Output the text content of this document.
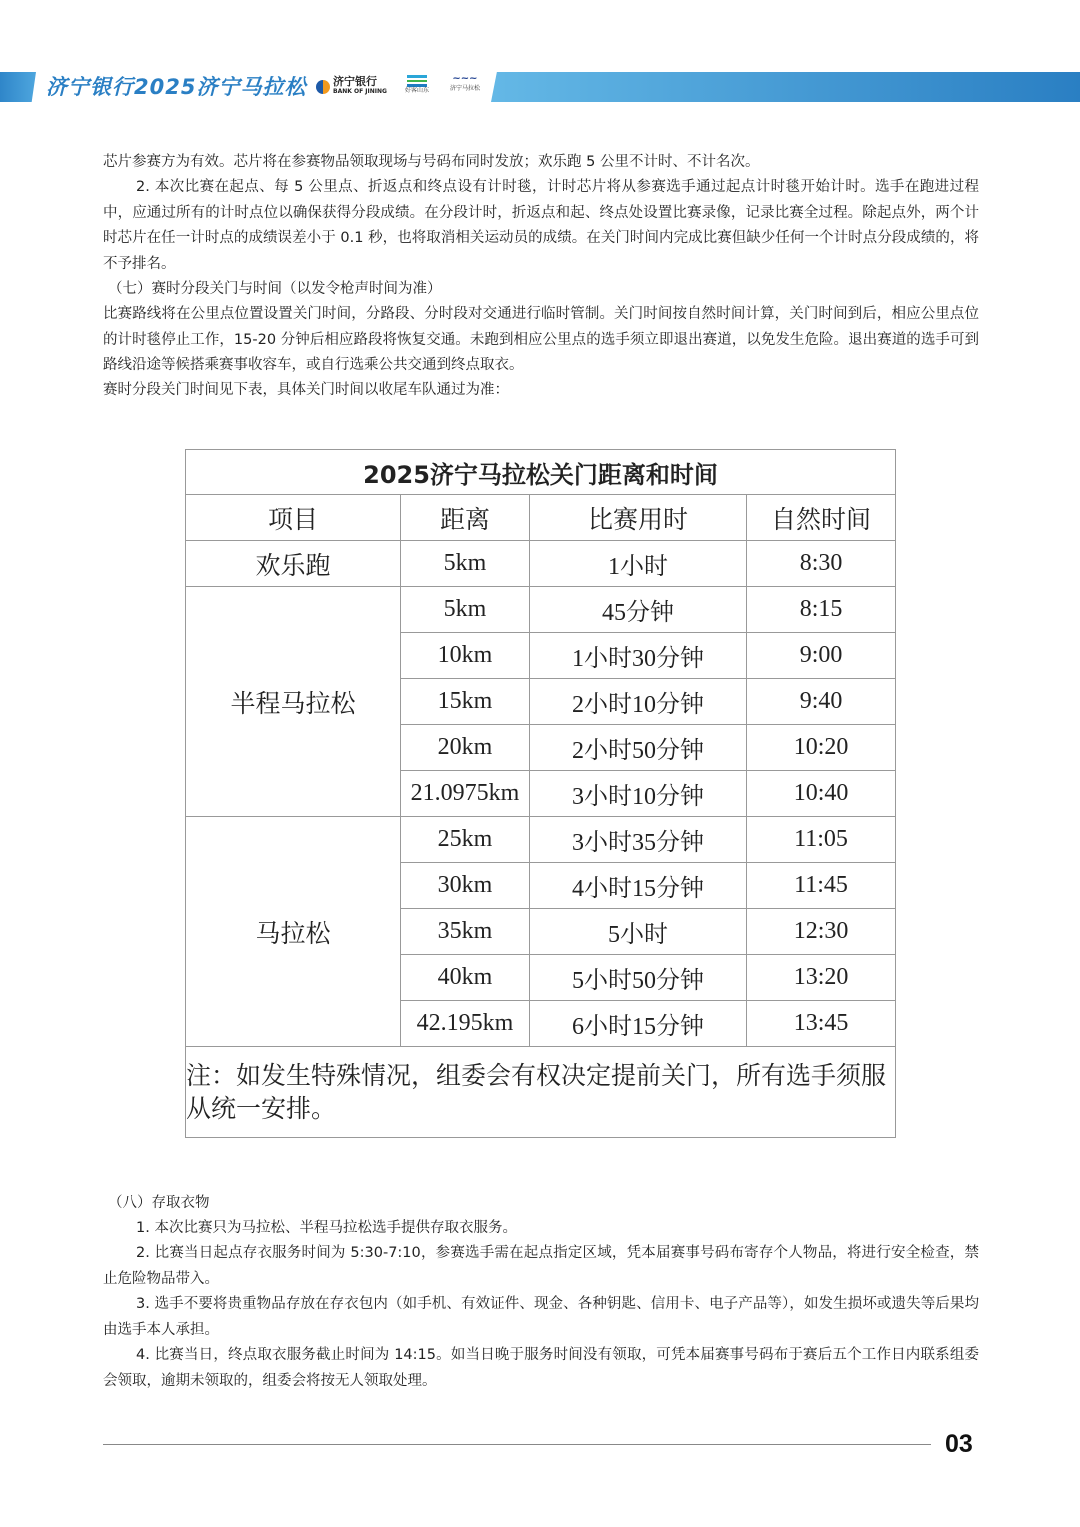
济宁银行2025济宁马拉松 济宁银行
BANK OF JINING	好客山东
~~~
济宁马拉松

芯片参赛方为有效。芯片将在参赛物品领取现场与号码布同时发放；欢乐跑 5 公里不计时、不计名次。

2. 本次比赛在起点、每 5 公里点、折返点和终点设有计时毯，计时芯片将从参赛选手通过起点计时毯开始计时。选手在跑进过程中，应通过所有的计时点位以确保获得分段成绩。在分段计时，折返点和起、终点处设置比赛录像，记录比赛全过程。除起点外，两个计时芯片在任一计时点的成绩误差小于 0.1 秒，也将取消相关运动员的成绩。在关门时间内完成比赛但缺少任何一个计时点分段成绩的，将不予排名。

（七）赛时分段关门与时间（以发令枪声时间为准）

比赛路线将在公里点位置设置关门时间，分路段、分时段对交通进行临时管制。关门时间按自然时间计算，关门时间到后，相应公里点位的计时毯停止工作，15-20 分钟后相应路段将恢复交通。未跑到相应公里点的选手须立即退出赛道，以免发生危险。退出赛道的选手可到路线沿途等候搭乘赛事收容车，或自行选乘公共交通到终点取衣。

赛时分段关门时间见下表，具体关门时间以收尾车队通过为准：

2025济宁马拉松关门距离和时间			
项目	距离	比赛用时	自然时间
欢乐跑	5km	1小时	8:30
半程马拉松	5km	45分钟	8:15
	10km	1小时30分钟	9:00
	15km	2小时10分钟	9:40
	20km	2小时50分钟	10:20
	21.0975km	3小时10分钟	10:40
马拉松	25km	3小时35分钟	11:05
	30km	4小时15分钟	11:45
	35km	5小时	12:30
	40km	5小时50分钟	13:20
	42.195km	6小时15分钟	13:45
注：如发生特殊情况，组委会有权决定提前关门，所有选手须服从统一安排。			

（八）存取衣物

1. 本次比赛只为马拉松、半程马拉松选手提供存取衣服务。

2. 比赛当日起点存衣服务时间为 5:30-7:10，参赛选手需在起点指定区域，凭本届赛事号码布寄存个人物品，将进行安全检查，禁止危险物品带入。

3. 选手不要将贵重物品存放在存衣包内（如手机、有效证件、现金、各种钥匙、信用卡、电子产品等），如发生损坏或遗失等后果均由选手本人承担。

4. 比赛当日，终点取衣服务截止时间为 14:15。如当日晚于服务时间没有领取，可凭本届赛事号码布于赛后五个工作日内联系组委会领取，逾期未领取的，组委会将按无人领取处理。

03
